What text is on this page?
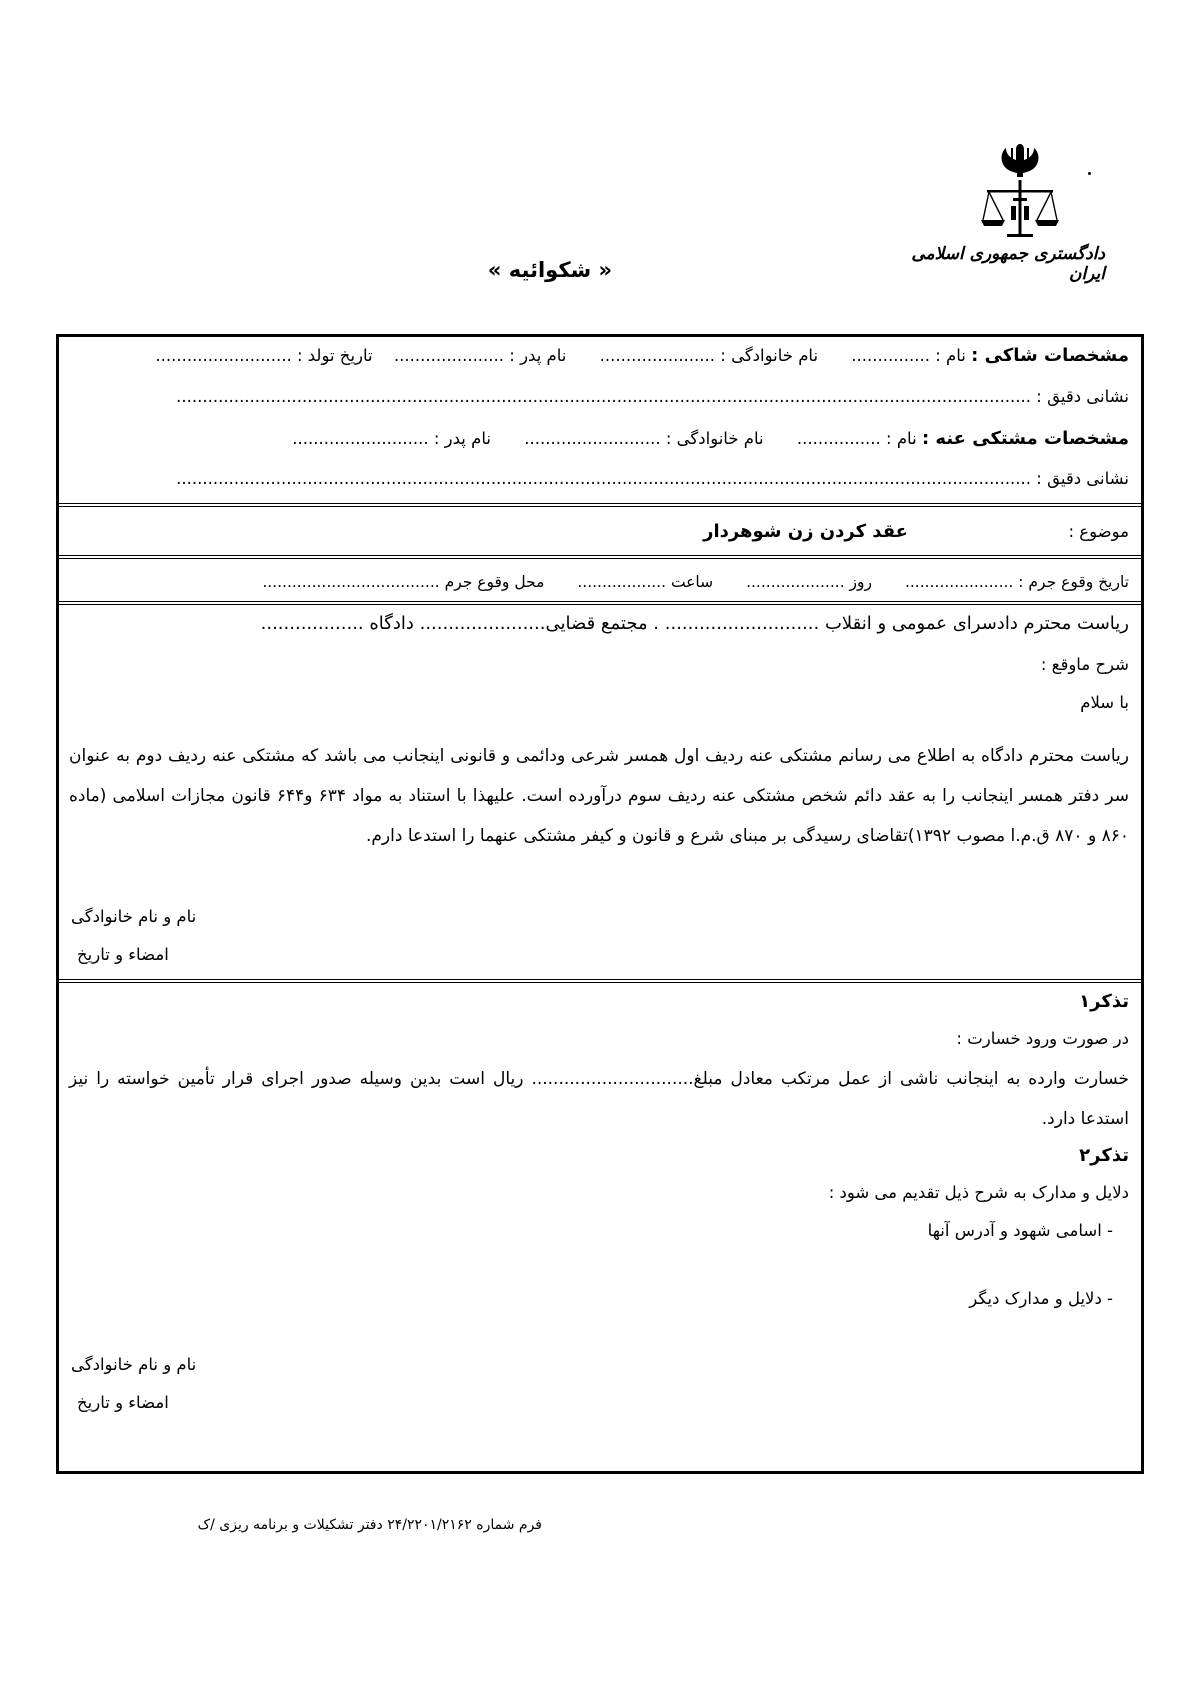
دادگستری جمهوری اسلامی ایران
« شکوائیه »
مشخصات شاکی : نام : ............... نام خانوادگی : ...................... نام پدر : ..................... تاریخ تولد : ..........................
نشانی دقیق : ...................................................................................................................................................................
مشخصات مشتکی عنه : نام : ................ نام خانوادگی : .......................... نام پدر : ..........................
نشانی دقیق : ...................................................................................................................................................................
موضوع :  عقد کردن زن شوهردار
تاریخ وقوع جرم : ...................... روز .................... ساعت .................. محل وقوع جرم ....................................
ریاست محترم دادسرای عمومی و انقلاب ........................... . مجتمع قضایی...................... دادگاه ..................
شرح ماوقع :
با سلام
ریاست محترم دادگاه به اطلاع می رسانم مشتکی عنه ردیف اول همسر شرعی ودائمی و قانونی اینجانب می باشد که مشتکی عنه ردیف دوم به عنوان سر دفتر همسر اینجانب را به عقد دائم شخص مشتکی عنه ردیف سوم درآورده است. علیهذا با استناد به مواد ۶۳۴ و۶۴۴ قانون مجازات اسلامی (ماده ۸۶۰ و ۸۷۰ ق.م.ا مصوب ۱۳۹۲)تقاضای رسیدگی بر مبنای شرع و قانون و کیفر مشتکی عنهما را استدعا دارم.
نام و نام خانوادگی
امضاء و تاریخ
تذکر۱
در صورت ورود خسارت :
خسارت وارده به اینجانب ناشی از عمل مرتکب معادل مبلغ.............................. ریال است بدین وسیله صدور اجرای قرار تأمین خواسته را نیز استدعا دارد.
تذکر۲
دلایل و مدارک به شرح ذیل تقدیم می شود :
- اسامی شهود و آدرس آنها
- دلایل و مدارک دیگر
نام و نام خانوادگی
امضاء و تاریخ
فرم شماره ۲۴/۲۲۰۱/۲۱۶۲ دفتر تشکیلات و برنامه ریزی /ک
